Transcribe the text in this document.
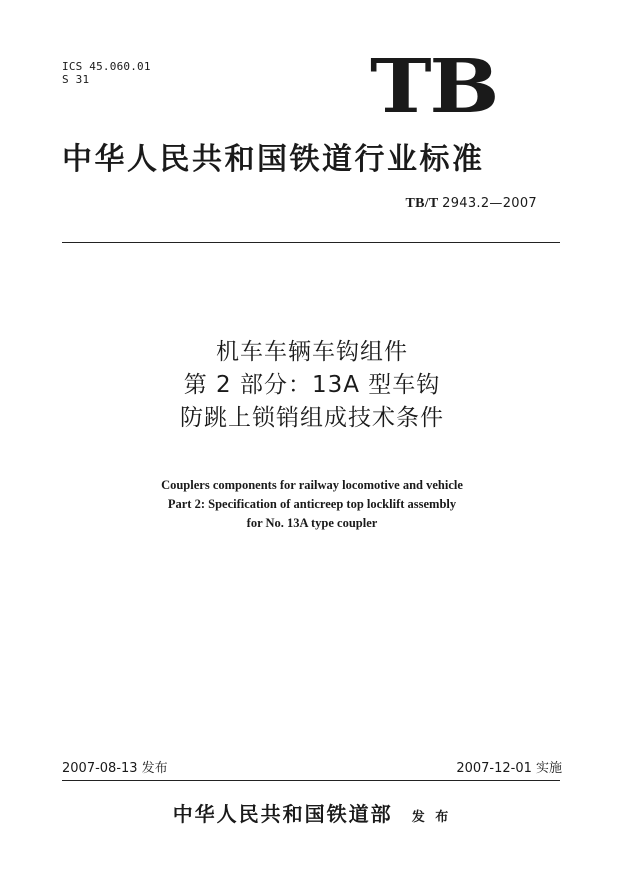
ICS 45.060.01
S 31	TB
中华人民共和国铁道行业标准
TB/T 2943.2—2007
机车车辆车钩组件
第 2 部分：13A 型车钩
防跳上锁销组成技术条件
Couplers components for railway locomotive and vehicle
Part 2: Specification of anticreep top locklift assembly
for No. 13A type coupler
2007-08-13 发布	2007-12-01 实施
中华人民共和国铁道部 发 布
